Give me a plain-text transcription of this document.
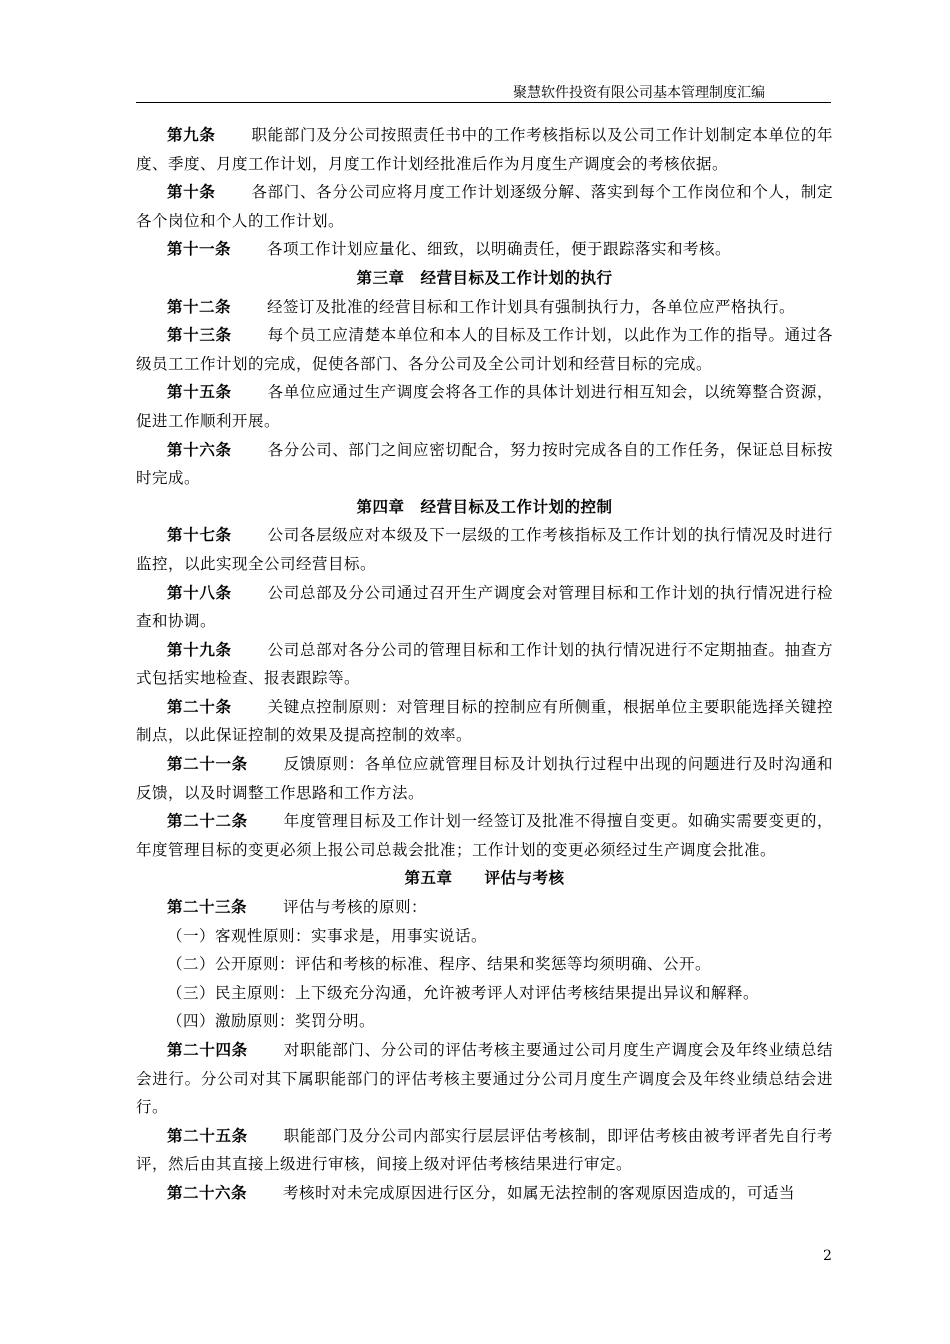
聚慧软件投资有限公司基本管理制度汇编

第九条 职能部门及分公司按照责任书中的工作考核指标以及公司工作计划制定本单位的年度、季度、月度工作计划，月度工作计划经批准后作为月度生产调度会的考核依据。

第十条 各部门、各分公司应将月度工作计划逐级分解、落实到每个工作岗位和个人，制定各个岗位和个人的工作计划。

第十一条 各项工作计划应量化、细致，以明确责任，便于跟踪落实和考核。

第三章　经营目标及工作计划的执行

第十二条 经签订及批准的经营目标和工作计划具有强制执行力，各单位应严格执行。

第十三条 每个员工应清楚本单位和本人的目标及工作计划，以此作为工作的指导。通过各级员工工作计划的完成，促使各部门、各分公司及全公司计划和经营目标的完成。

第十五条 各单位应通过生产调度会将各工作的具体计划进行相互知会，以统筹整合资源，促进工作顺利开展。

第十六条 各分公司、部门之间应密切配合，努力按时完成各自的工作任务，保证总目标按时完成。

第四章　经营目标及工作计划的控制

第十七条 公司各层级应对本级及下一层级的工作考核指标及工作计划的执行情况及时进行监控，以此实现全公司经营目标。

第十八条 公司总部及分公司通过召开生产调度会对管理目标和工作计划的执行情况进行检查和协调。

第十九条 公司总部对各分公司的管理目标和工作计划的执行情况进行不定期抽查。抽查方式包括实地检查、报表跟踪等。

第二十条 关键点控制原则：对管理目标的控制应有所侧重，根据单位主要职能选择关键控制点，以此保证控制的效果及提高控制的效率。

第二十一条 反馈原则：各单位应就管理目标及计划执行过程中出现的问题进行及时沟通和反馈，以及时调整工作思路和工作方法。

第二十二条 年度管理目标及工作计划一经签订及批准不得擅自变更。如确实需要变更的，年度管理目标的变更必须上报公司总裁会批准；工作计划的变更必须经过生产调度会批准。

第五章　　评估与考核

第二十三条 评估与考核的原则：

（一）客观性原则：实事求是，用事实说话。

（二）公开原则：评估和考核的标准、程序、结果和奖惩等均须明确、公开。

（三）民主原则：上下级充分沟通，允许被考评人对评估考核结果提出异议和解释。

（四）激励原则：奖罚分明。

第二十四条 对职能部门、分公司的评估考核主要通过公司月度生产调度会及年终业绩总结会进行。分公司对其下属职能部门的评估考核主要通过分公司月度生产调度会及年终业绩总结会进行。

第二十五条 职能部门及分公司内部实行层层评估考核制，即评估考核由被考评者先自行考评，然后由其直接上级进行审核，间接上级对评估考核结果进行审定。

第二十六条 考核时对未完成原因进行区分，如属无法控制的客观原因造成的，可适当

2
